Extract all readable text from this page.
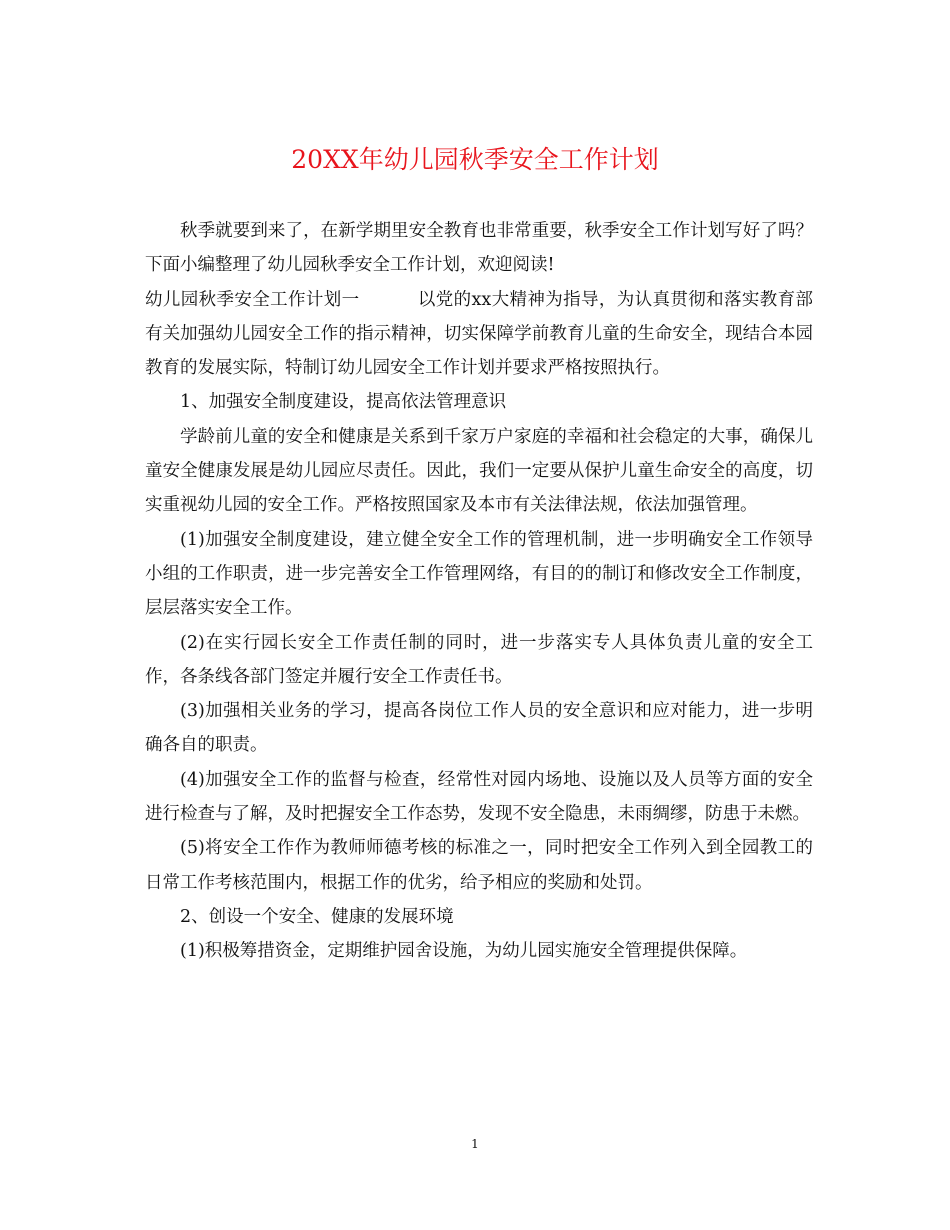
20XX年幼儿园秋季安全工作计划

秋季就要到来了，在新学期里安全教育也非常重要，秋季安全工作计划写好了吗？下面小编整理了幼儿园秋季安全工作计划，欢迎阅读!

幼儿园秋季安全工作计划一	以党的xx大精神为指导，为认真贯彻和落实教育部有关加强幼儿园安全工作的指示精神，切实保障学前教育儿童的生命安全，现结合本园教育的发展实际，特制订幼儿园安全工作计划并要求严格按照执行。

1、加强安全制度建设，提高依法管理意识

学龄前儿童的安全和健康是关系到千家万户家庭的幸福和社会稳定的大事，确保儿童安全健康发展是幼儿园应尽责任。因此，我们一定要从保护儿童生命安全的高度，切实重视幼儿园的安全工作。严格按照国家及本市有关法律法规，依法加强管理。

(1)加强安全制度建设，建立健全安全工作的管理机制，进一步明确安全工作领导小组的工作职责，进一步完善安全工作管理网络，有目的的制订和修改安全工作制度，层层落实安全工作。

(2)在实行园长安全工作责任制的同时，进一步落实专人具体负责儿童的安全工作，各条线各部门签定并履行安全工作责任书。

(3)加强相关业务的学习，提高各岗位工作人员的安全意识和应对能力，进一步明确各自的职责。

(4)加强安全工作的监督与检查，经常性对园内场地、设施以及人员等方面的安全进行检查与了解，及时把握安全工作态势，发现不安全隐患，未雨绸缪，防患于未燃。

(5)将安全工作作为教师师德考核的标准之一，同时把安全工作列入到全园教工的日常工作考核范围内，根据工作的优劣，给予相应的奖励和处罚。

2、创设一个安全、健康的发展环境

(1)积极筹措资金，定期维护园舍设施，为幼儿园实施安全管理提供保障。

1
